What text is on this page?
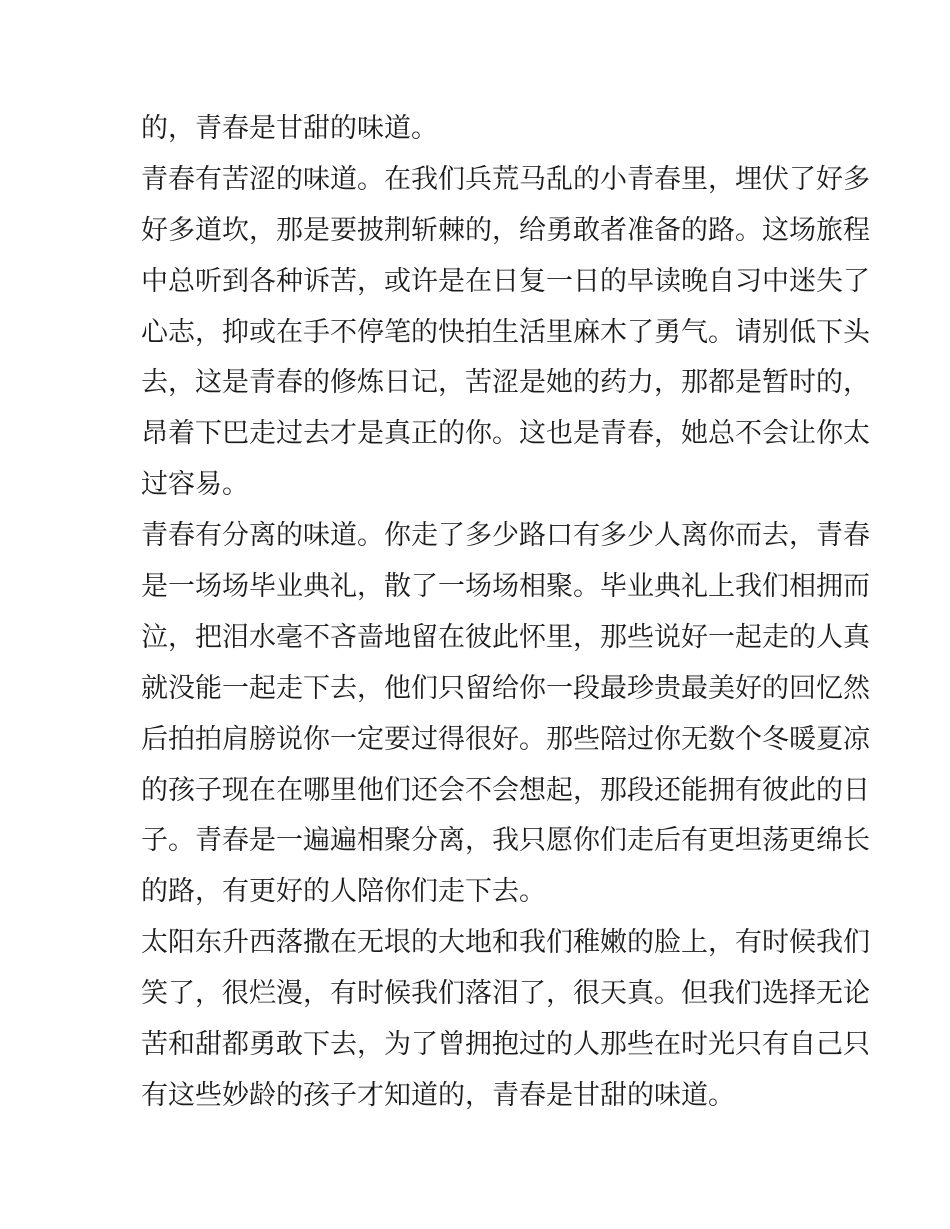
的，青春是甘甜的味道。
青春有苦涩的味道。在我们兵荒马乱的小青春里，埋伏了好多
好多道坎，那是要披荆斩棘的，给勇敢者准备的路。这场旅程
中总听到各种诉苦，或许是在日复一日的早读晚自习中迷失了
心志，抑或在手不停笔的快拍生活里麻木了勇气。请别低下头
去，这是青春的修炼日记，苦涩是她的药力，那都是暂时的，
昂着下巴走过去才是真正的你。这也是青春，她总不会让你太
过容易。
青春有分离的味道。你走了多少路口有多少人离你而去，青春
是一场场毕业典礼，散了一场场相聚。毕业典礼上我们相拥而
泣，把泪水毫不吝啬地留在彼此怀里，那些说好一起走的人真
就没能一起走下去，他们只留给你一段最珍贵最美好的回忆然
后拍拍肩膀说你一定要过得很好。那些陪过你无数个冬暖夏凉
的孩子现在在哪里他们还会不会想起，那段还能拥有彼此的日
子。青春是一遍遍相聚分离，我只愿你们走后有更坦荡更绵长
的路，有更好的人陪你们走下去。
太阳东升西落撒在无垠的大地和我们稚嫩的脸上，有时候我们
笑了，很烂漫，有时候我们落泪了，很天真。但我们选择无论
苦和甜都勇敢下去，为了曾拥抱过的人那些在时光只有自己只
有这些妙龄的孩子才知道的，青春是甘甜的味道。
